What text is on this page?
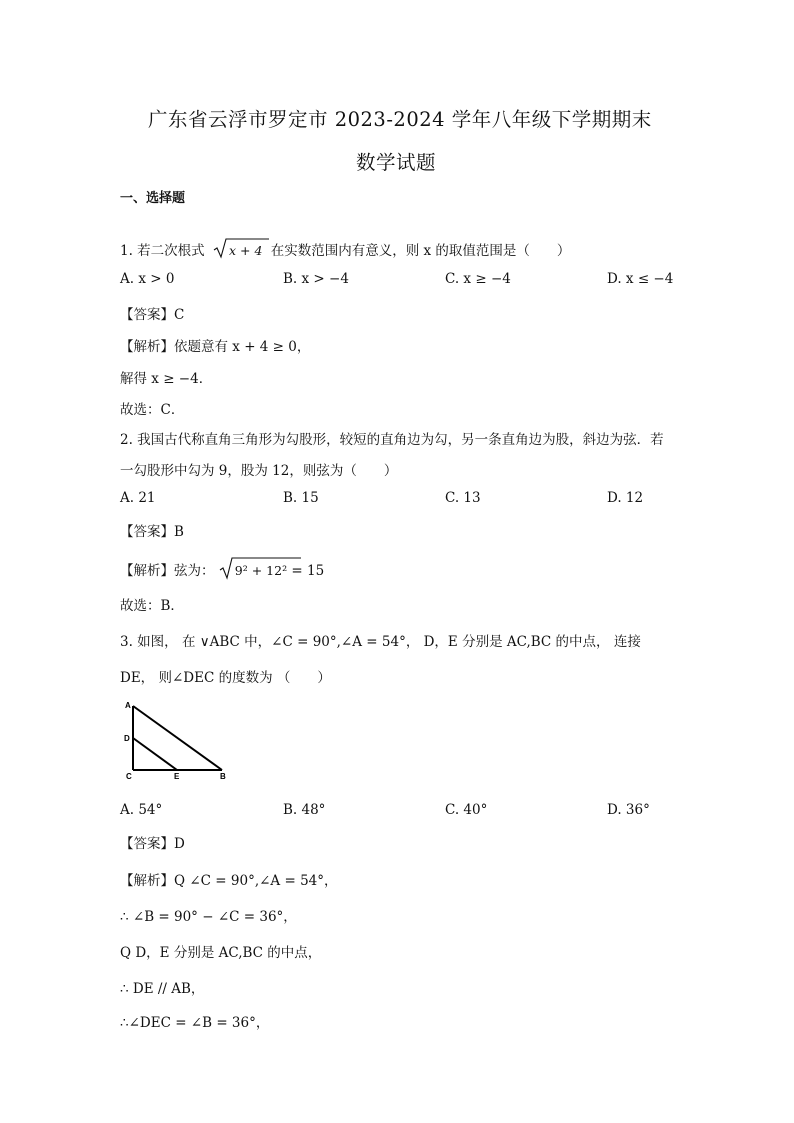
广东省云浮市罗定市 2023-2024 学年八年级下学期期末
数学试题
一、选择题
1. 若二次根式 x + 4 在实数范围内有意义，则 x 的取值范围是（　　）
A. x > 0	B. x > −4	C. x ≥ −4	D. x ≤ −4
【答案】C
【解析】依题意有 x + 4 ≥ 0，
解得 x ≥ −4．
故选：C．
2. 我国古代称直角三角形为勾股形，较短的直角边为勾，另一条直角边为股，斜边为弦．若
一勾股形中勾为 9，股为 12，则弦为（　　）
A. 21	B. 15	C. 13	D. 12
【答案】B
【解析】弦为： 9² + 12² = 15
故选：B．
3. 如图， 在 ∨ABC 中，∠C = 90°,∠A = 54°， D，E 分别是 AC,BC 的中点， 连接
DE， 则∠DEC 的度数为 （　　）
A
D
C	E	B
A. 54°	B. 48°	C. 40°	D. 36°
【答案】D
【解析】Q ∠C = 90°,∠A = 54°，
∴ ∠B = 90° − ∠C = 36°，
Q D，E 分别是 AC,BC 的中点，
∴ DE // AB，
∴∠DEC = ∠B = 36°，
